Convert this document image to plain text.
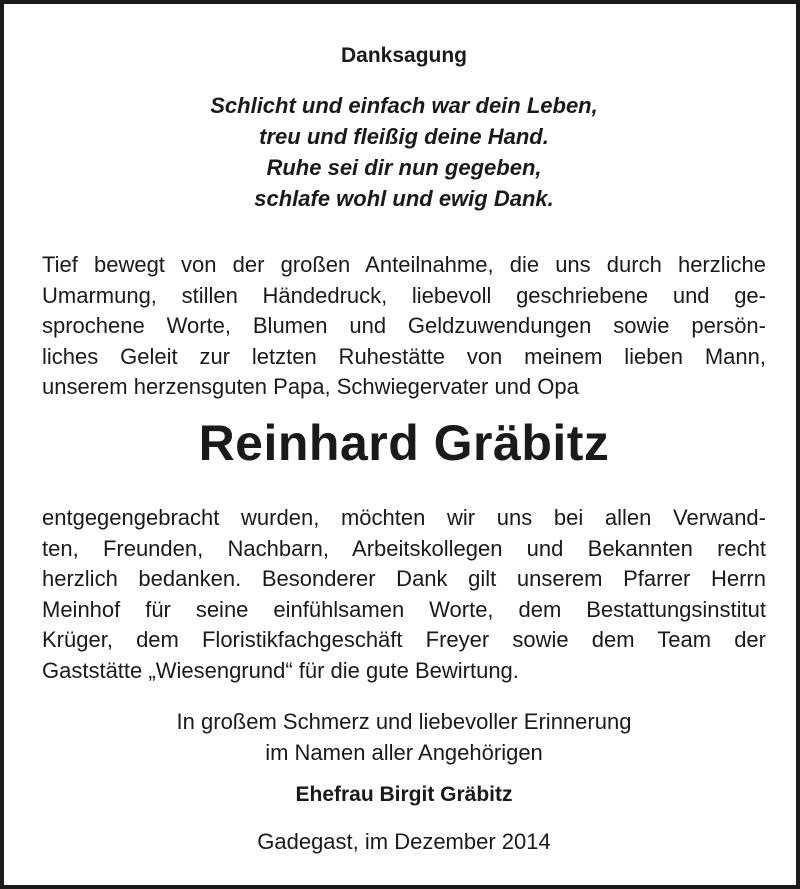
Danksagung
Schlicht und einfach war dein Leben,
treu und fleißig deine Hand.
Ruhe sei dir nun gegeben,
schlafe wohl und ewig Dank.
Tief bewegt von der großen Anteilnahme, die uns durch herzliche
Umarmung, stillen Händedruck, liebevoll geschriebene und ge-
sprochene Worte, Blumen und Geldzuwendungen sowie persön-
liches Geleit zur letzten Ruhestätte von meinem lieben Mann,
unserem herzensguten Papa, Schwiegervater und Opa
Reinhard Gräbitz
entgegengebracht wurden, möchten wir uns bei allen Verwand-
ten, Freunden, Nachbarn, Arbeitskollegen und Bekannten recht
herzlich bedanken. Besonderer Dank gilt unserem Pfarrer Herrn
Meinhof für seine einfühlsamen Worte, dem Bestattungsinstitut
Krüger, dem Floristikfachgeschäft Freyer sowie dem Team der
Gaststätte „Wiesengrund“ für die gute Bewirtung.
In großem Schmerz und liebevoller Erinnerung
im Namen aller Angehörigen
Ehefrau Birgit Gräbitz
Gadegast, im Dezember 2014
